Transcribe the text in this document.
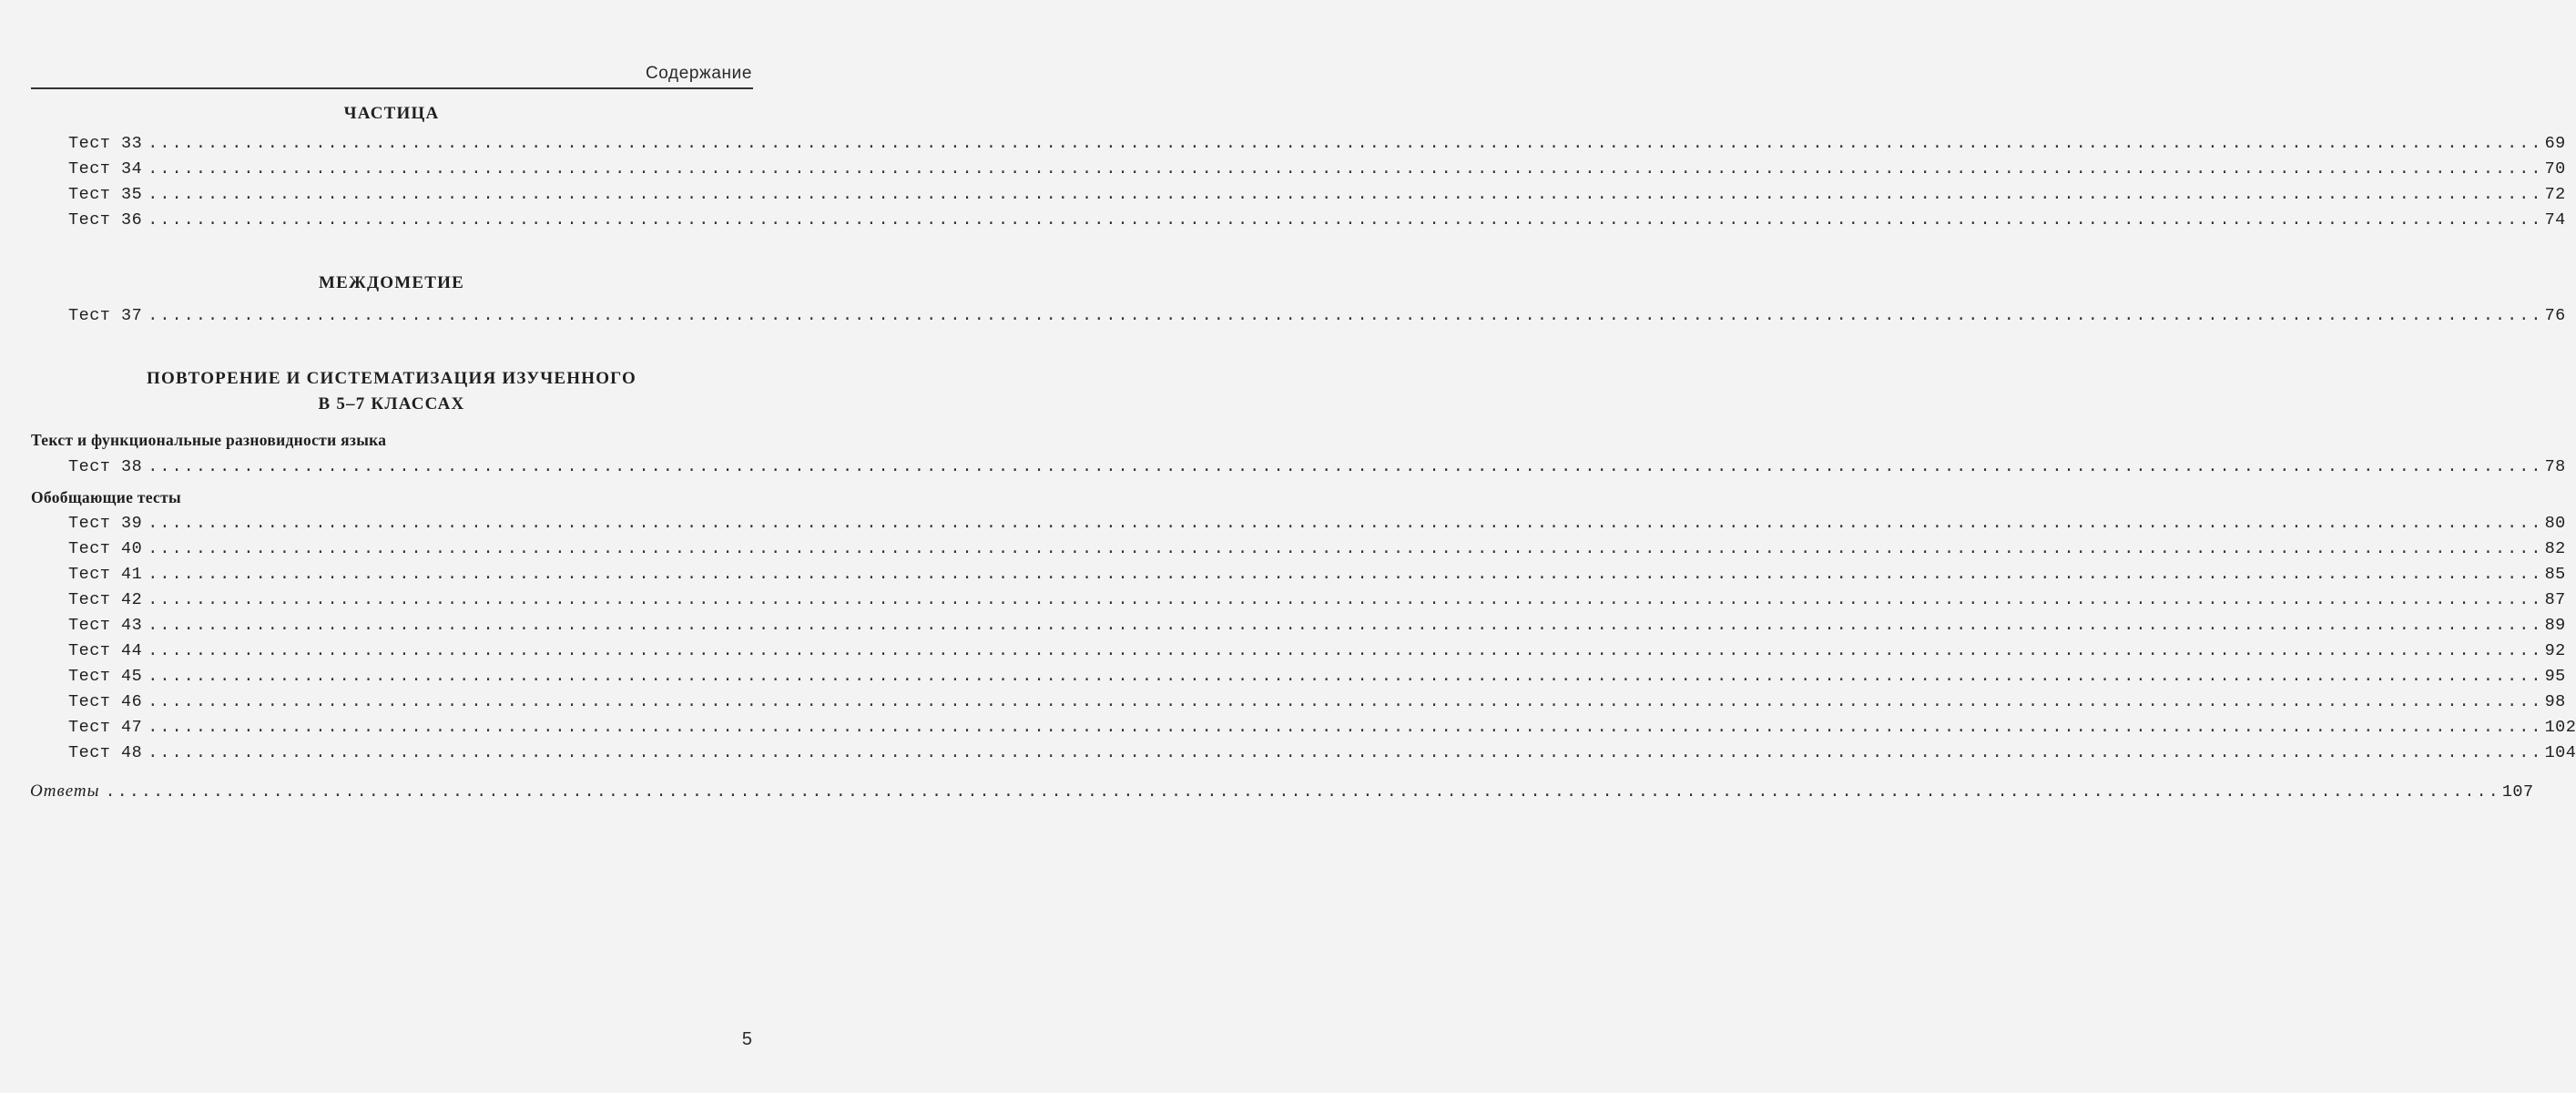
Содержание
ЧАСТИЦА
Тест 33 ........................................................................................................................................................................................................ 69
Тест 34 ........................................................................................................................................................................................................ 70
Тест 35 ........................................................................................................................................................................................................ 72
Тест 36 ........................................................................................................................................................................................................ 74
МЕЖДОМЕТИЕ
Тест 37 ........................................................................................................................................................................................................ 76
ПОВТОРЕНИЕ И СИСТЕМАТИЗАЦИЯ ИЗУЧЕННОГО
В 5–7 КЛАССАХ
Текст и функциональные разновидности языка
Тест 38 ........................................................................................................................................................................................................ 78
Обобщающие тесты
Тест 39 ........................................................................................................................................................................................................ 80
Тест 40 ........................................................................................................................................................................................................ 82
Тест 41 ........................................................................................................................................................................................................ 85
Тест 42 ........................................................................................................................................................................................................ 87
Тест 43 ........................................................................................................................................................................................................ 89
Тест 44 ........................................................................................................................................................................................................ 92
Тест 45 ........................................................................................................................................................................................................ 95
Тест 46 ........................................................................................................................................................................................................ 98
Тест 47 ........................................................................................................................................................................................................ 102
Тест 48 ........................................................................................................................................................................................................ 104
Ответы ........................................................................................................................................................................................................ 107
5
